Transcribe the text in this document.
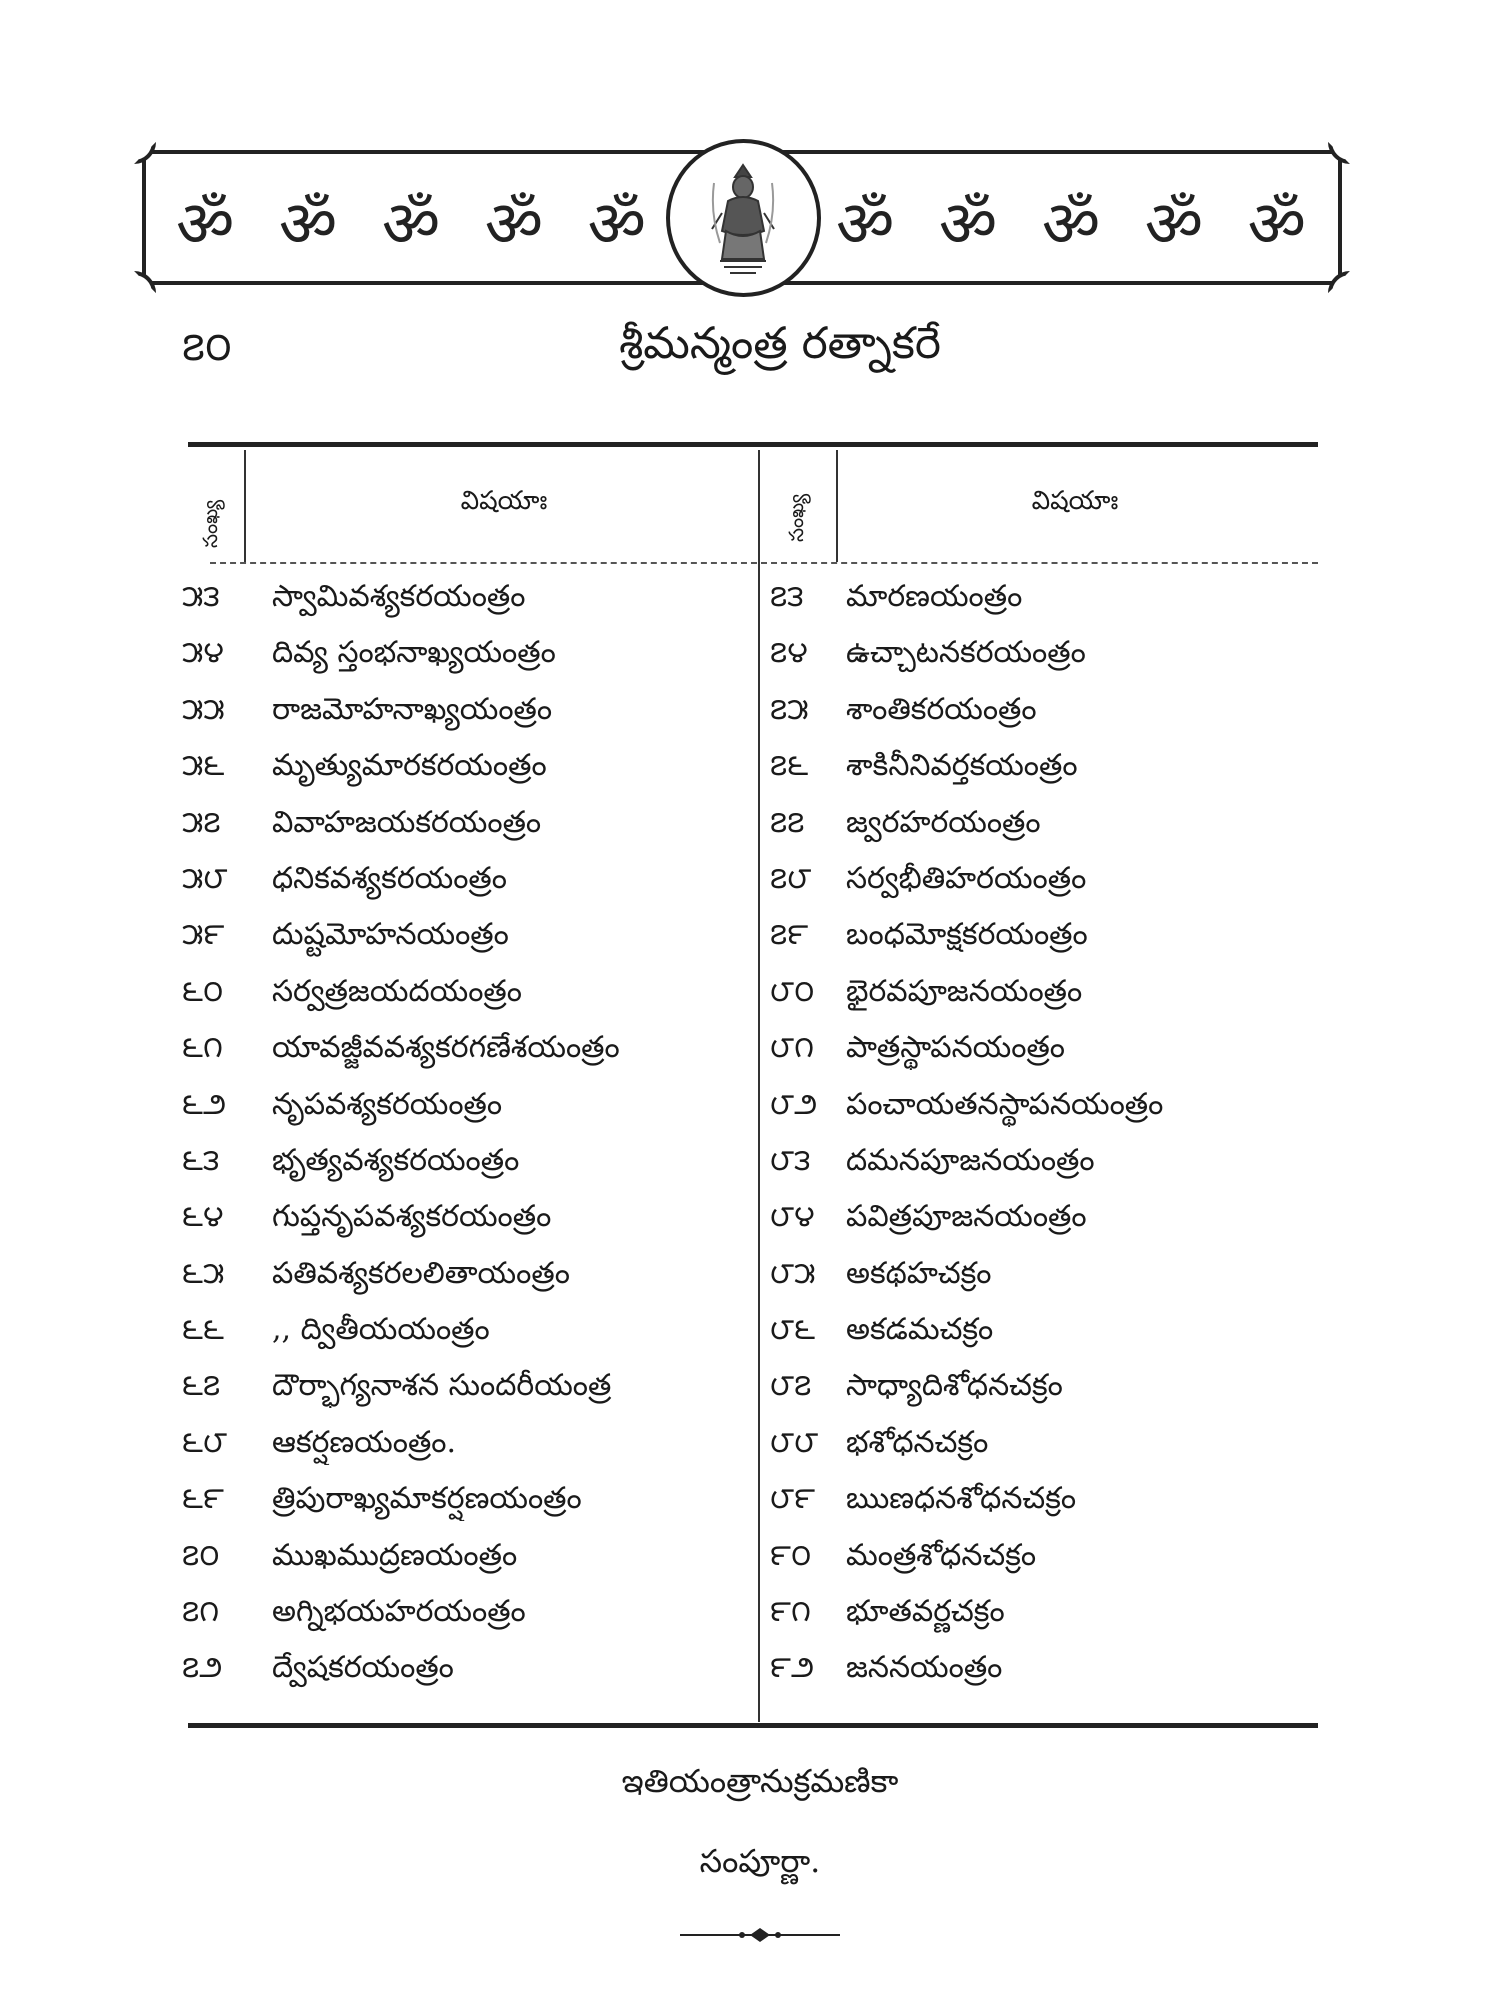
ॐ ॐ ॐ ॐ ॐ	ॐ ॐ ॐ ॐ ॐ
౭౦	శ్రీమన్మంత్ర రత్నాకరే
సంఖ్య	విషయాః	సంఖ్య	విషయాః
౫౩	స్వామివశ్యకరయంత్రం	౭౩	మారణయంత్రం
౫౪	దివ్య స్తంభనాఖ్యయంత్రం	౭౪	ఉచ్చాటనకరయంత్రం
౫౫	రాజమోహనాఖ్యయంత్రం	౭౫	శాంతికరయంత్రం
౫౬	మృత్యుమారకరయంత్రం	౭౬	శాకినీనివర్తకయంత్రం
౫౭	వివాహజయకరయంత్రం	౭౭	జ్వరహరయంత్రం
౫౮	ధనికవశ్యకరయంత్రం	౭౮	సర్వభీతిహరయంత్రం
౫౯	దుష్టమోహనయంత్రం	౭౯	బంధమోక్షకరయంత్రం
౬౦	సర్వత్రజయదయంత్రం	౮౦	భైరవపూజనయంత్రం
౬౧	యావజ్జీవవశ్యకరగణేశయంత్రం	౮౧	పాత్రస్థాపనయంత్రం
౬౨	నృపవశ్యకరయంత్రం	౮౨ పంచాయతనస్థాపనయంత్రం
౬౩	భృత్యవశ్యకరయంత్రం	౮౩	దమనపూజనయంత్రం
౬౪	గుప్తనృపవశ్యకరయంత్రం	౮౪	పవిత్రపూజనయంత్రం
౬౫	పతివశ్యకరలలితాయంత్రం	౮౫	అకథహచక్రం
౬౬	,, ద్వితీయయంత్రం	౮౬	అకడమచక్రం
౬౭	దౌర్భాగ్యనాశన సుందరీయంత్ర	౮౭	సాధ్యాదిశోధనచక్రం
౬౮	ఆకర్షణయంత్రం.	౮౮ భశోధనచక్రం
౬౯	త్రిపురాఖ్యమాకర్షణయంత్రం	౮౯	ఋణధనశోధనచక్రం
౭౦	ముఖముద్రణయంత్రం	౯౦	మంత్రశోధనచక్రం
౭౧	అగ్నిభయహరయంత్రం	౯౧	భూతవర్ణచక్రం
౭౨	ద్వేషకరయంత్రం	౯౨	జననయంత్రం
ఇతియంత్రానుక్రమణికా
సంపూర్ణా.
